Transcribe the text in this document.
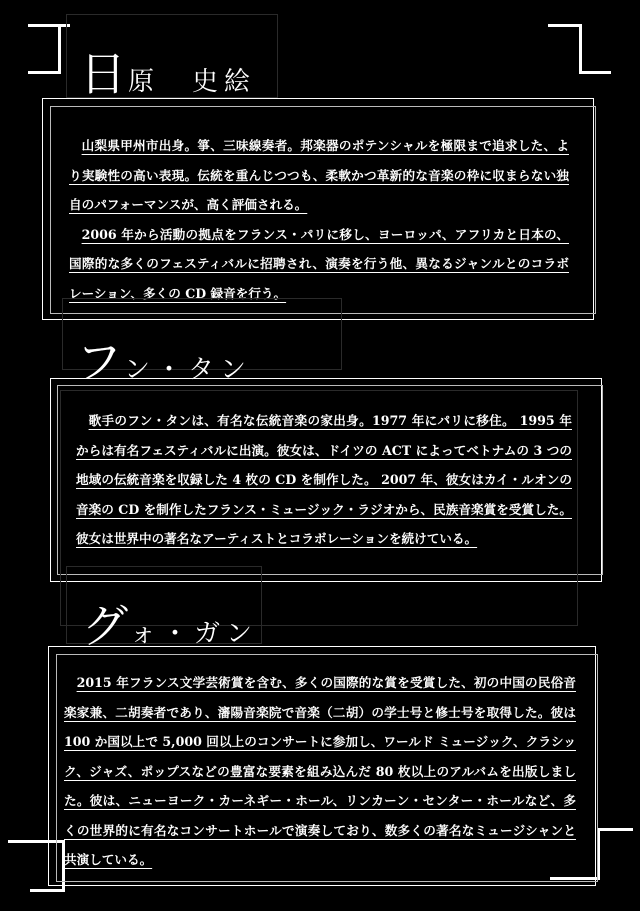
日原　史絵

山梨県甲州市出身。箏、三味線奏者。邦楽器のポテンシャルを極限まで追求した、より実験性の高い表現。伝統を重んじつつも、柔軟かつ革新的な音楽の枠に収まらない独自のパフォーマンスが、高く評価される。

2006 年から活動の拠点をフランス・パリに移し、ヨーロッパ、アフリカと日本の、国際的な多くのフェスティバルに招聘され、演奏を行う他、異なるジャンルとのコラボレーション、多くの CD 録音を行う。

フン・タン

歌手のフン・タンは、有名な伝統音楽の家出身。1977 年にパリに移住。 1995 年からは有名フェスティバルに出演。彼女は、ドイツの ACT によってベトナムの 3 つの地域の伝統音楽を収録した 4 枚の CD を制作した。 2007 年、彼女はカイ・ルオンの音楽の CD を制作したフランス・ミュージック・ラジオから、民族音楽賞を受賞した。彼女は世界中の著名なアーティストとコラボレーションを続けている。

グォ・ガン

2015 年フランス文学芸術賞を含む、多くの国際的な賞を受賞した、初の中国の民俗音楽家兼、二胡奏者であり、瀋陽音楽院で音楽（二胡）の学士号と修士号を取得した。彼は 100 か国以上で 5,000 回以上のコンサートに参加し、ワールド ミュージック、クラシック、ジャズ、ポップスなどの豊富な要素を組み込んだ 80 枚以上のアルバムを出版しました。彼は、ニューヨーク・カーネギー・ホール、リンカーン・センター・ホールなど、多くの世界的に有名なコンサートホールで演奏しており、数多くの著名なミュージシャンと共演している。
